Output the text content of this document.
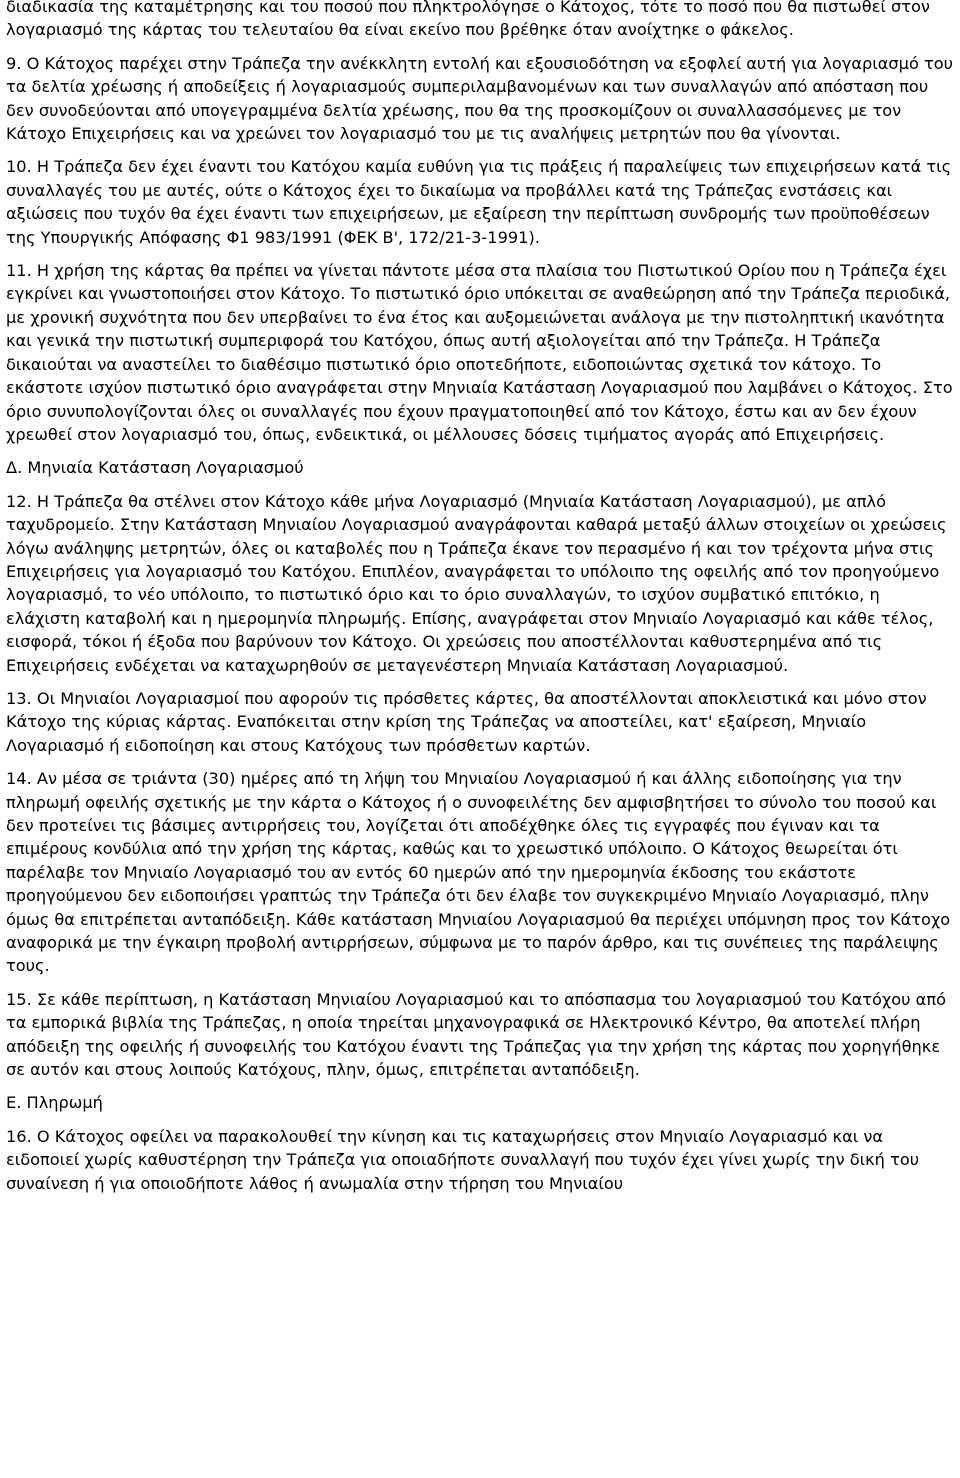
διαδικασία της καταμέτρησης και του ποσού που πληκτρολόγησε ο Κάτοχος, τότε το ποσό που θα πιστωθεί στον λογαριασμό της κάρτας του τελευταίου θα είναι εκείνο που βρέθηκε όταν ανοίχτηκε ο φάκελος.

9. Ο Κάτοχος παρέχει στην Τράπεζα την ανέκκλητη εντολή και εξουσιοδότηση να εξοφλεί αυτή για λογαριασμό του τα δελτία χρέωσης ή αποδείξεις ή λογαριασμούς συμπεριλαμβανομένων και των συναλλαγών από απόσταση που δεν συνοδεύονται από υπογεγραμμένα δελτία χρέωσης, που θα της προσκομίζουν οι συναλλασσόμενες με τον Κάτοχο Επιχειρήσεις και να χρεώνει τον λογαριασμό του με τις αναλήψεις μετρητών που θα γίνονται.

10. Η Τράπεζα δεν έχει έναντι του Κατόχου καμία ευθύνη για τις πράξεις ή παραλείψεις των επιχειρήσεων κατά τις συναλλαγές του με αυτές, ούτε ο Κάτοχος έχει το δικαίωμα να προβάλλει κατά της Τράπεζας ενστάσεις και αξιώσεις που τυχόν θα έχει έναντι των επιχειρήσεων, με εξαίρεση την περίπτωση συνδρομής των προϋποθέσεων της Υπουργικής Απόφασης Φ1 983/1991 (ΦΕΚ Β', 172/21-3-1991).

11. Η χρήση της κάρτας θα πρέπει να γίνεται πάντοτε μέσα στα πλαίσια του Πιστωτικού Ορίου που η Τράπεζα έχει εγκρίνει και γνωστοποιήσει στον Κάτοχο. Το πιστωτικό όριο υπόκειται σε αναθεώρηση από την Τράπεζα περιοδικά, με χρονική συχνότητα που δεν υπερβαίνει το ένα έτος και αυξομειώνεται ανάλογα με την πιστοληπτική ικανότητα και γενικά την πιστωτική συμπεριφορά του Κατόχου, όπως αυτή αξιολογείται από την Τράπεζα. Η Τράπεζα δικαιούται να αναστείλει το διαθέσιμο πιστωτικό όριο οποτεδήποτε, ειδοποιώντας σχετικά τον κάτοχο. Το εκάστοτε ισχύον πιστωτικό όριο αναγράφεται στην Μηνιαία Κατάσταση Λογαριασμού που λαμβάνει ο Κάτοχος. Στο όριο συνυπολογίζονται όλες οι συναλλαγές που έχουν πραγματοποιηθεί από τον Κάτοχο, έστω και αν δεν έχουν χρεωθεί στον λογαριασμό του, όπως, ενδεικτικά, οι μέλλουσες δόσεις τιμήματος αγοράς από Επιχειρήσεις.

Δ. Μηνιαία Κατάσταση Λογαριασμού

12. Η Τράπεζα θα στέλνει στον Κάτοχο κάθε μήνα Λογαριασμό (Μηνιαία Κατάσταση Λογαριασμού), με απλό ταχυδρομείο. Στην Κατάσταση Μηνιαίου Λογαριασμού αναγράφονται καθαρά μεταξύ άλλων στοιχείων οι χρεώσεις λόγω ανάληψης μετρητών, όλες οι καταβολές που η Τράπεζα έκανε τον περασμένο ή και τον τρέχοντα μήνα στις Επιχειρήσεις για λογαριασμό του Κατόχου. Επιπλέον, αναγράφεται το υπόλοιπο της οφειλής από τον προηγούμενο λογαριασμό, το νέο υπόλοιπο, το πιστωτικό όριο και το όριο συναλλαγών, το ισχύον συμβατικό επιτόκιο, η ελάχιστη καταβολή και η ημερομηνία πληρωμής. Επίσης, αναγράφεται στον Μηνιαίο Λογαριασμό και κάθε τέλος, εισφορά, τόκοι ή έξοδα που βαρύνουν τον Κάτοχο. Οι χρεώσεις που αποστέλλονται καθυστερημένα από τις Επιχειρήσεις ενδέχεται να καταχωρηθούν σε μεταγενέστερη Μηνιαία Κατάσταση Λογαριασμού.

13. Οι Μηνιαίοι Λογαριασμοί που αφορούν τις πρόσθετες κάρτες, θα αποστέλλονται αποκλειστικά και μόνο στον Κάτοχο της κύριας κάρτας. Εναπόκειται στην κρίση της Τράπεζας να αποστείλει, κατ' εξαίρεση, Μηνιαίο Λογαριασμό ή ειδοποίηση και στους Κατόχους των πρόσθετων καρτών.

14. Αν μέσα σε τριάντα (30) ημέρες από τη λήψη του Μηνιαίου Λογαριασμού ή και άλλης ειδοποίησης για την πληρωμή οφειλής σχετικής με την κάρτα ο Κάτοχος ή ο συνοφειλέτης δεν αμφισβητήσει το σύνολο του ποσού και δεν προτείνει τις βάσιμες αντιρρήσεις του, λογίζεται ότι αποδέχθηκε όλες τις εγγραφές που έγιναν και τα επιμέρους κονδύλια από την χρήση της κάρτας, καθώς και το χρεωστικό υπόλοιπο. Ο Κάτοχος θεωρείται ότι παρέλαβε τον Μηνιαίο Λογαριασμό του αν εντός 60 ημερών από την ημερομηνία έκδοσης του εκάστοτε προηγούμενου δεν ειδοποιήσει γραπτώς την Τράπεζα ότι δεν έλαβε τον συγκεκριμένο Μηνιαίο Λογαριασμό, πλην όμως θα επιτρέπεται ανταπόδειξη. Κάθε κατάσταση Μηνιαίου Λογαριασμού θα περιέχει υπόμνηση προς τον Κάτοχο αναφορικά με την έγκαιρη προβολή αντιρρήσεων, σύμφωνα με το παρόν άρθρο, και τις συνέπειες της παράλειψης τους.

15. Σε κάθε περίπτωση, η Κατάσταση Μηνιαίου Λογαριασμού και το απόσπασμα του λογαριασμού του Κατόχου από τα εμπορικά βιβλία της Τράπεζας, η οποία τηρείται μηχανογραφικά σε Ηλεκτρονικό Κέντρο, θα αποτελεί πλήρη απόδειξη της οφειλής ή συνοφειλής του Κατόχου έναντι της Τράπεζας για την χρήση της κάρτας που χορηγήθηκε σε αυτόν και στους λοιπούς Κατόχους, πλην, όμως, επιτρέπεται ανταπόδειξη.

Ε. Πληρωμή

16. Ο Κάτοχος οφείλει να παρακολουθεί την κίνηση και τις καταχωρήσεις στον Μηνιαίο Λογαριασμό και να ειδοποιεί χωρίς καθυστέρηση την Τράπεζα για οποιαδήποτε συναλλαγή που τυχόν έχει γίνει χωρίς την δική του συναίνεση ή για οποιοδήποτε λάθος ή ανωμαλία στην τήρηση του Μηνιαίου
